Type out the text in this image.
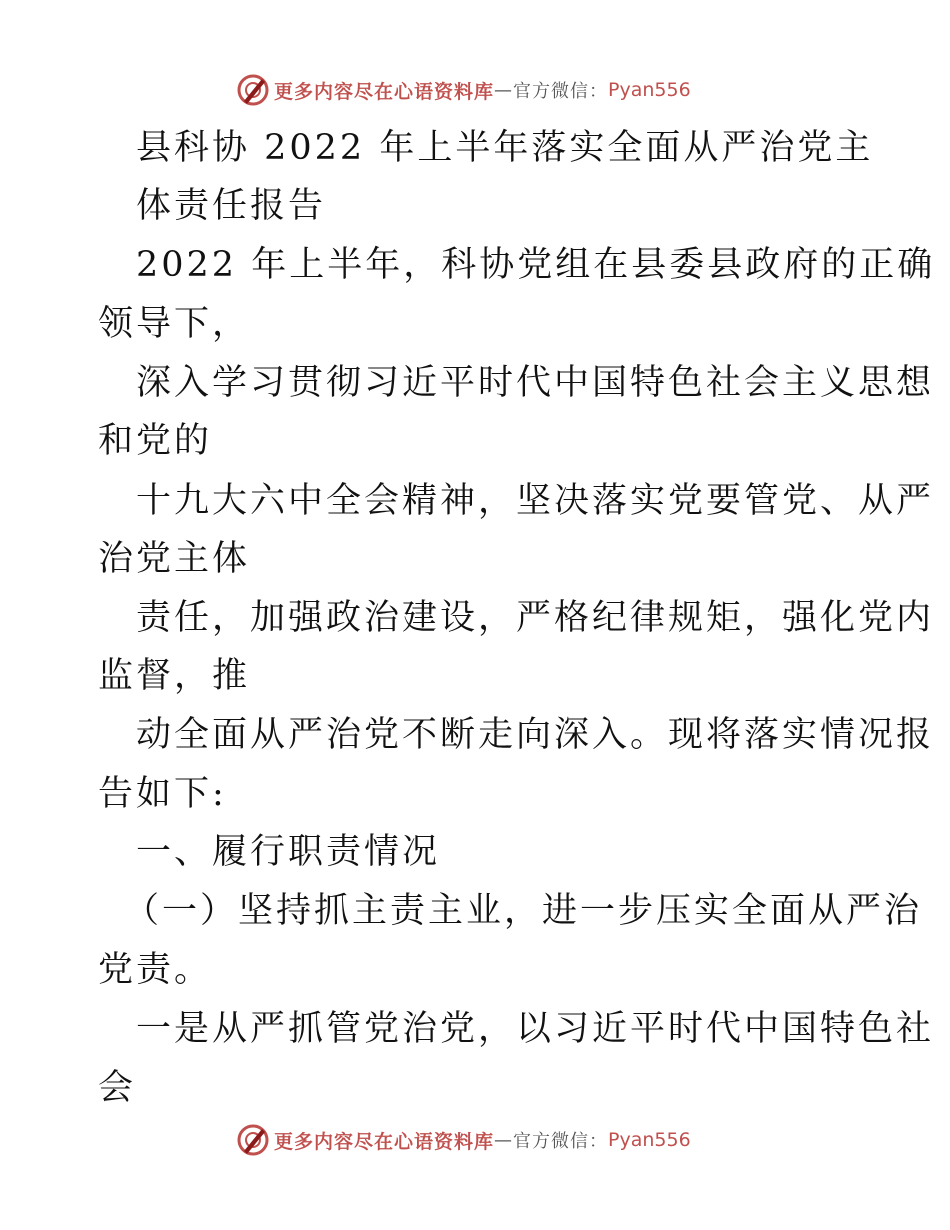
更多内容尽在心语资料库 — 官方微信： Pyan556
县科协 2022 年上半年落实全面从严治党主
体责任报告
2022 年上半年，科协党组在县委县政府的正确
领导下，
深入学习贯彻习近平时代中国特色社会主义思想
和党的
十九大六中全会精神，坚决落实党要管党、从严
治党主体
责任，加强政治建设，严格纪律规矩，强化党内
监督，推
动全面从严治党不断走向深入。现将落实情况报
告如下:
一、履行职责情况
（一）坚持抓主责主业，进一步压实全面从严治
党责。
一是从严抓管党治党，以习近平时代中国特色社
会
更多内容尽在心语资料库 — 官方微信： Pyan556
